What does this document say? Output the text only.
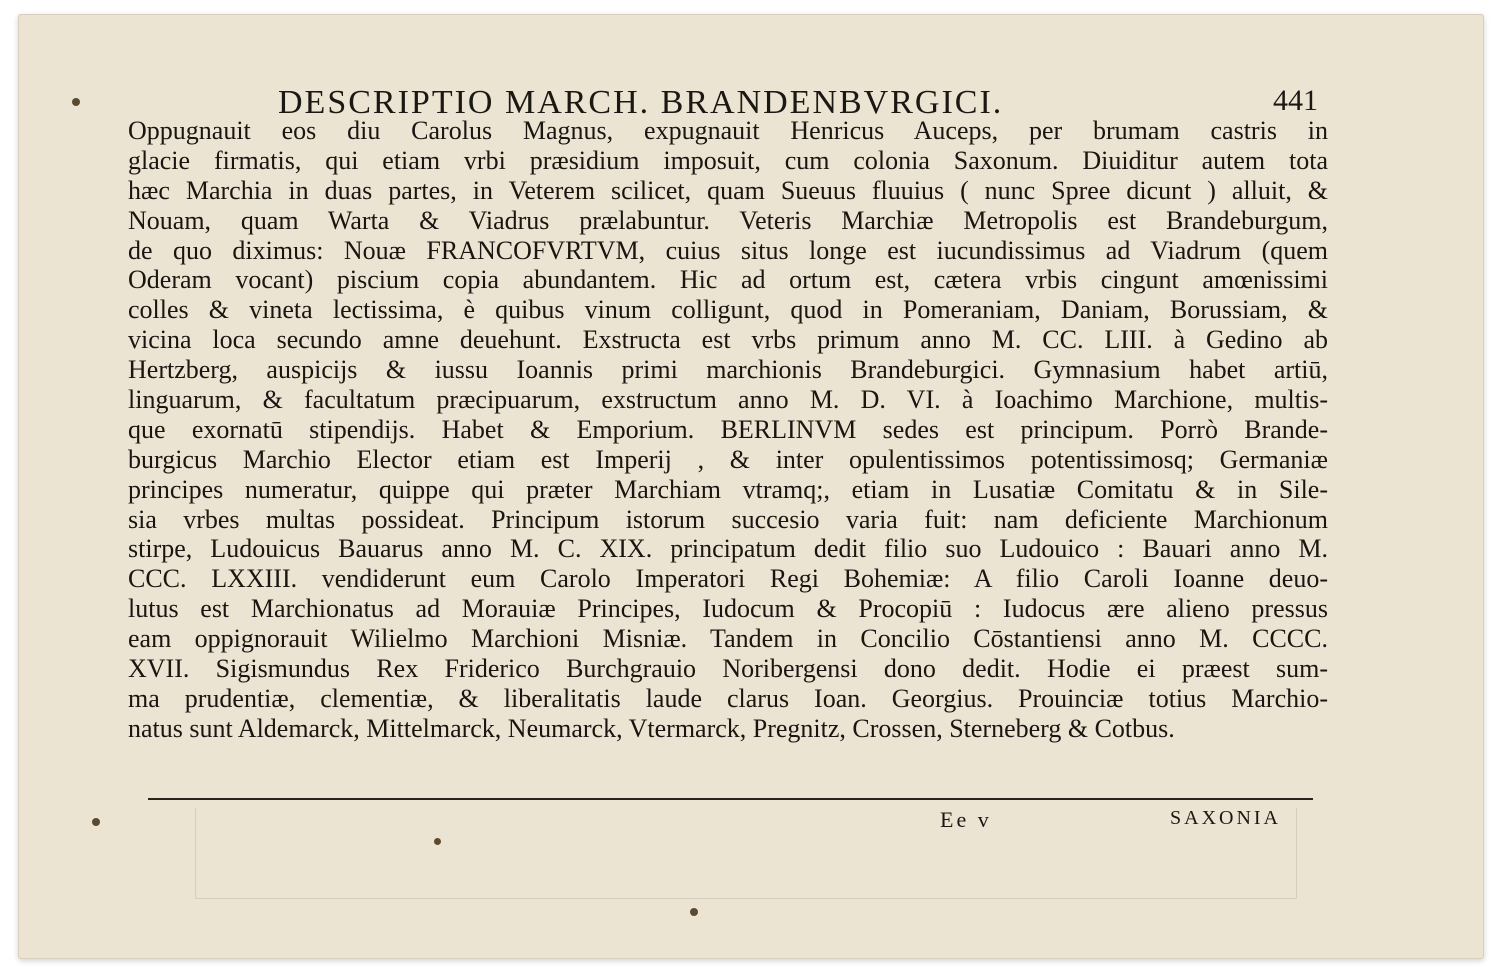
DESCRIPTIO MARCH. BRANDENBVRGICI.	441
Oppugnauit eos diu Carolus Magnus, expugnauit Henricus Auceps, per brumam castris in
glacie firmatis, qui etiam vrbi præsidium imposuit, cum colonia Saxonum. Diuiditur autem tota
hæc Marchia in duas partes, in Veterem scilicet, quam Sueuus fluuius ( nunc Spree dicunt ) alluit, &
Nouam, quam Warta & Viadrus prælabuntur. Veteris Marchiæ Metropolis est Brandeburgum,
de quo diximus: Nouæ FRANCOFVRTVM, cuius situs longe est iucundissimus ad Viadrum (quem
Oderam vocant) piscium copia abundantem. Hic ad ortum est, cætera vrbis cingunt amœnissimi
colles & vineta lectissima, è quibus vinum colligunt, quod in Pomeraniam, Daniam, Borussiam, &
vicina loca secundo amne deuehunt. Exstructa est vrbs primum anno M. CC. LIII. à Gedino ab
Hertzberg, auspicijs & iussu Ioannis primi marchionis Brandeburgici. Gymnasium habet artiū,
linguarum, & facultatum præcipuarum, exstructum anno M. D. VI. à Ioachimo Marchione, multis-
que exornatū stipendijs. Habet & Emporium. BERLINVM sedes est principum. Porrò Brande-
burgicus Marchio Elector etiam est Imperij , & inter opulentissimos potentissimosq; Germaniæ
principes numeratur, quippe qui præter Marchiam vtramq;, etiam in Lusatiæ Comitatu & in Sile-
sia vrbes multas possideat. Principum istorum succesio varia fuit: nam deficiente Marchionum
stirpe, Ludouicus Bauarus anno M. C. XIX. principatum dedit filio suo Ludouico : Bauari anno M.
CCC. LXXIII. vendiderunt eum Carolo Imperatori Regi Bohemiæ: A filio Caroli Ioanne deuo-
lutus est Marchionatus ad Morauiæ Principes, Iudocum & Procopiū : Iudocus ære alieno pressus
eam oppignorauit Wilielmo Marchioni Misniæ. Tandem in Concilio Cōstantiensi anno M. CCCC.
XVII. Sigismundus Rex Friderico Burchgrauio Noribergensi dono dedit. Hodie ei præest sum-
ma prudentiæ, clementiæ, & liberalitatis laude clarus Ioan. Georgius. Prouinciæ totius Marchio-
natus sunt Aldemarck, Mittelmarck, Neumarck, Vtermarck, Pregnitz, Crossen, Sterneberg & Cotbus.
Ee v	SAXONIA
